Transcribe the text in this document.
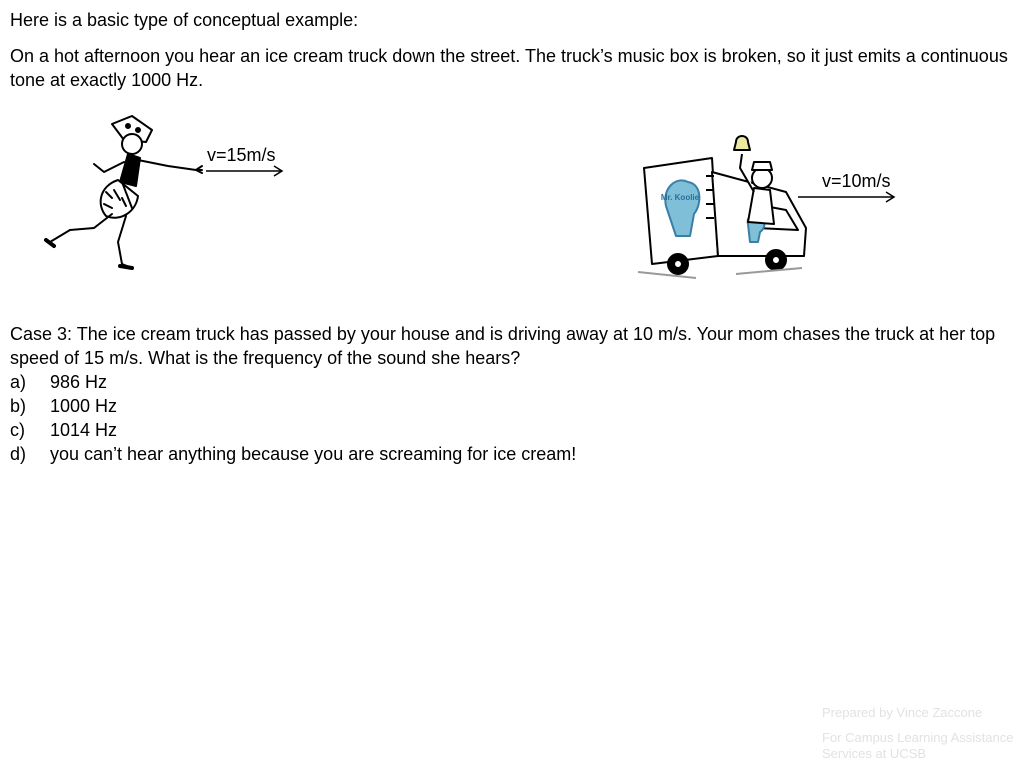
Here is a basic type of conceptual example:

On a hot afternoon you hear an ice cream truck down the street. The truck’s music box is broken, so it just emits a continuous tone at exactly 1000 Hz.

v=15m/s
Mr. Koolie
v=10m/s

Case 3: The ice cream truck has passed by your house and is driving away at 10 m/s. Your mom chases the truck at her top speed of 15 m/s. What is the frequency of the sound she hears?

a) 986 Hz
b) 1000 Hz
c) 1014 Hz
d) you can’t hear anything because you are screaming for ice cream!
Prepared by Vince Zaccone
For Campus Learning Assistance Services at UCSB
